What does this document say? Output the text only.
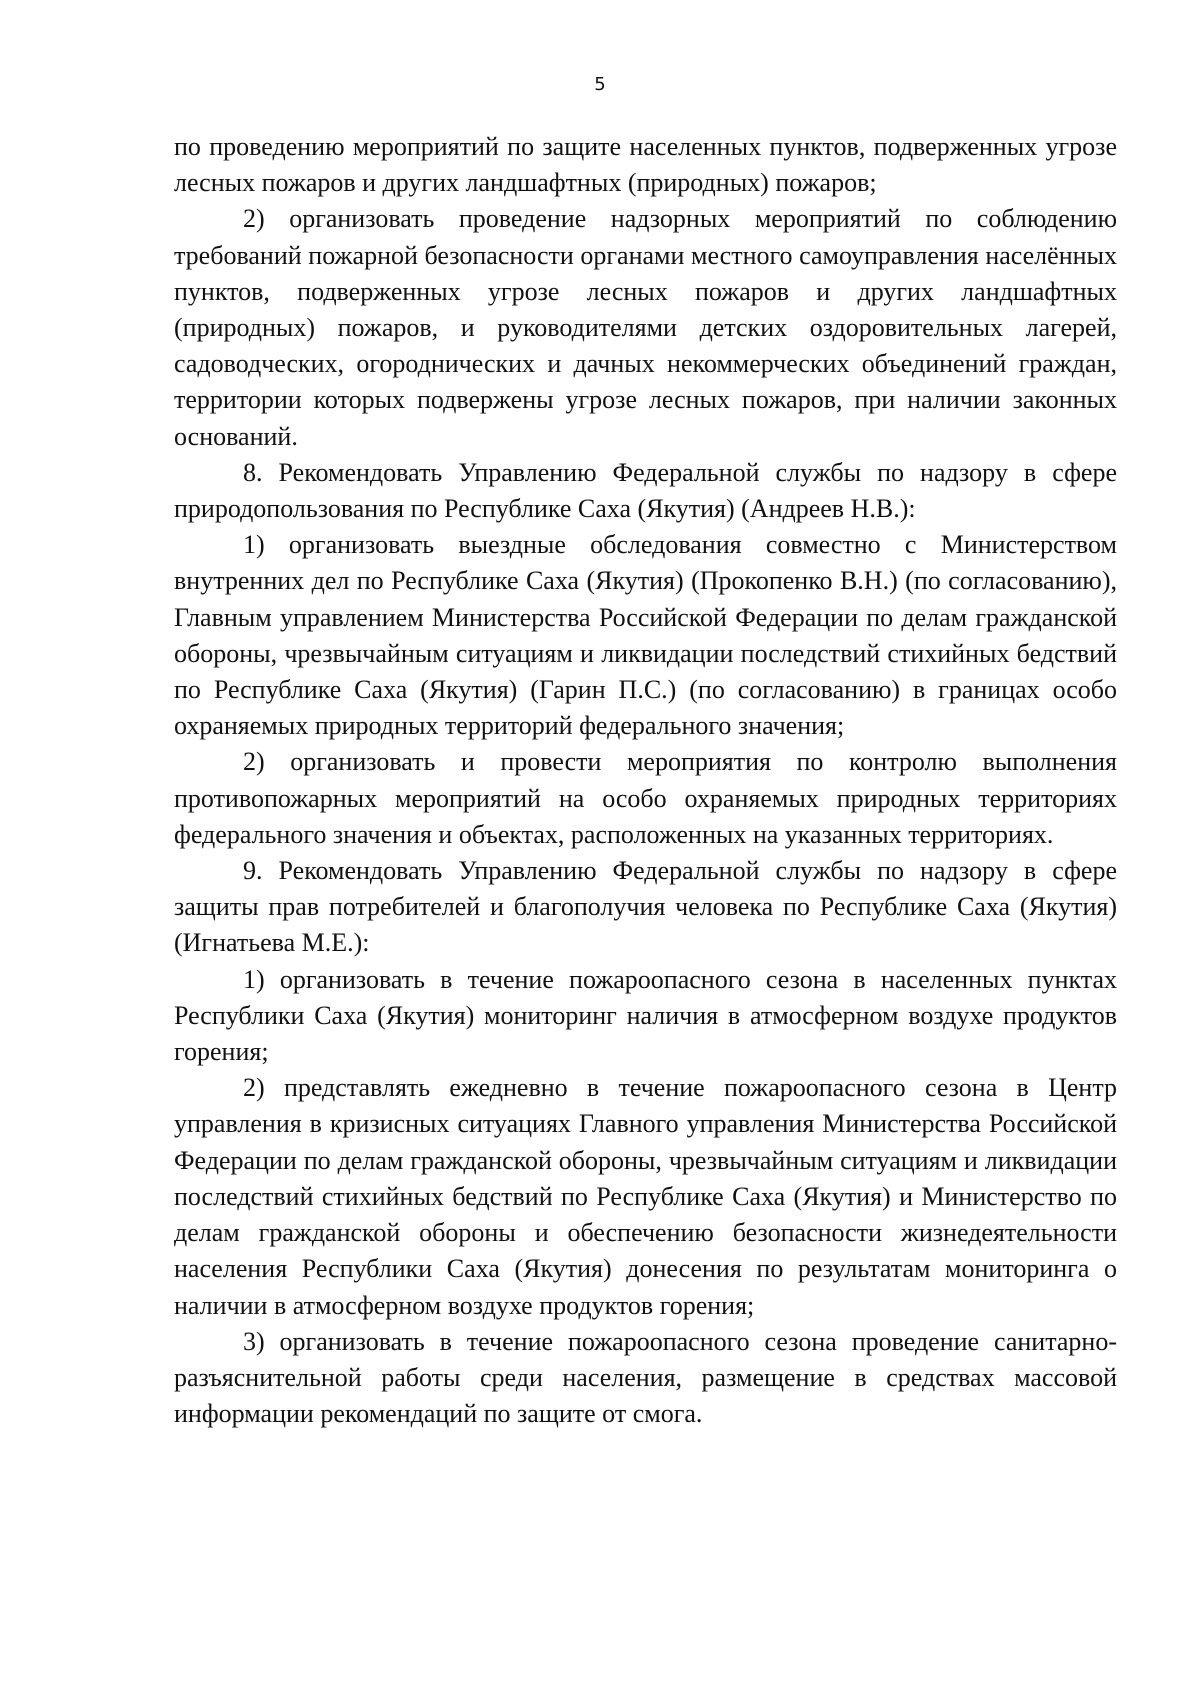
5

по проведению мероприятий по защите населенных пунктов, подверженных угрозе лесных пожаров и других ландшафтных (природных) пожаров;

2) организовать проведение надзорных мероприятий по соблюдению требований пожарной безопасности органами местного самоуправления населённых пунктов, подверженных угрозе лесных пожаров и других ландшафтных (природных) пожаров, и руководителями детских оздоровительных лагерей, садоводческих, огороднических и дачных некоммерческих объединений граждан, территории которых подвержены угрозе лесных пожаров, при наличии законных оснований.

8. Рекомендовать Управлению Федеральной службы по надзору в сфере природопользования по Республике Саха (Якутия) (Андреев Н.В.):

1) организовать выездные обследования совместно с Министерством внутренних дел по Республике Саха (Якутия) (Прокопенко В.Н.) (по согласованию), Главным управлением Министерства Российской Федерации по делам гражданской обороны, чрезвычайным ситуациям и ликвидации последствий стихийных бедствий по Республике Саха (Якутия) (Гарин П.С.) (по согласованию) в границах особо охраняемых природных территорий федерального значения;

2) организовать и провести мероприятия по контролю выполнения противопожарных мероприятий на особо охраняемых природных территориях федерального значения и объектах, расположенных на указанных территориях.

9. Рекомендовать Управлению Федеральной службы по надзору в сфере защиты прав потребителей и благополучия человека по Республике Саха (Якутия) (Игнатьева М.Е.):

1) организовать в течение пожароопасного сезона в населенных пунктах Республики Саха (Якутия) мониторинг наличия в атмосферном воздухе продуктов горения;

2) представлять ежедневно в течение пожароопасного сезона в Центр управления в кризисных ситуациях Главного управления Министерства Российской Федерации по делам гражданской обороны, чрезвычайным ситуациям и ликвидации последствий стихийных бедствий по Республике Саха (Якутия) и Министерство по делам гражданской обороны и обеспечению безопасности жизнедеятельности населения Республики Саха (Якутия) донесения по результатам мониторинга о наличии в атмосферном воздухе продуктов горения;

3) организовать в течение пожароопасного сезона проведение санитарно-разъяснительной работы среди населения, размещение в средствах массовой информации рекомендаций по защите от смога.
